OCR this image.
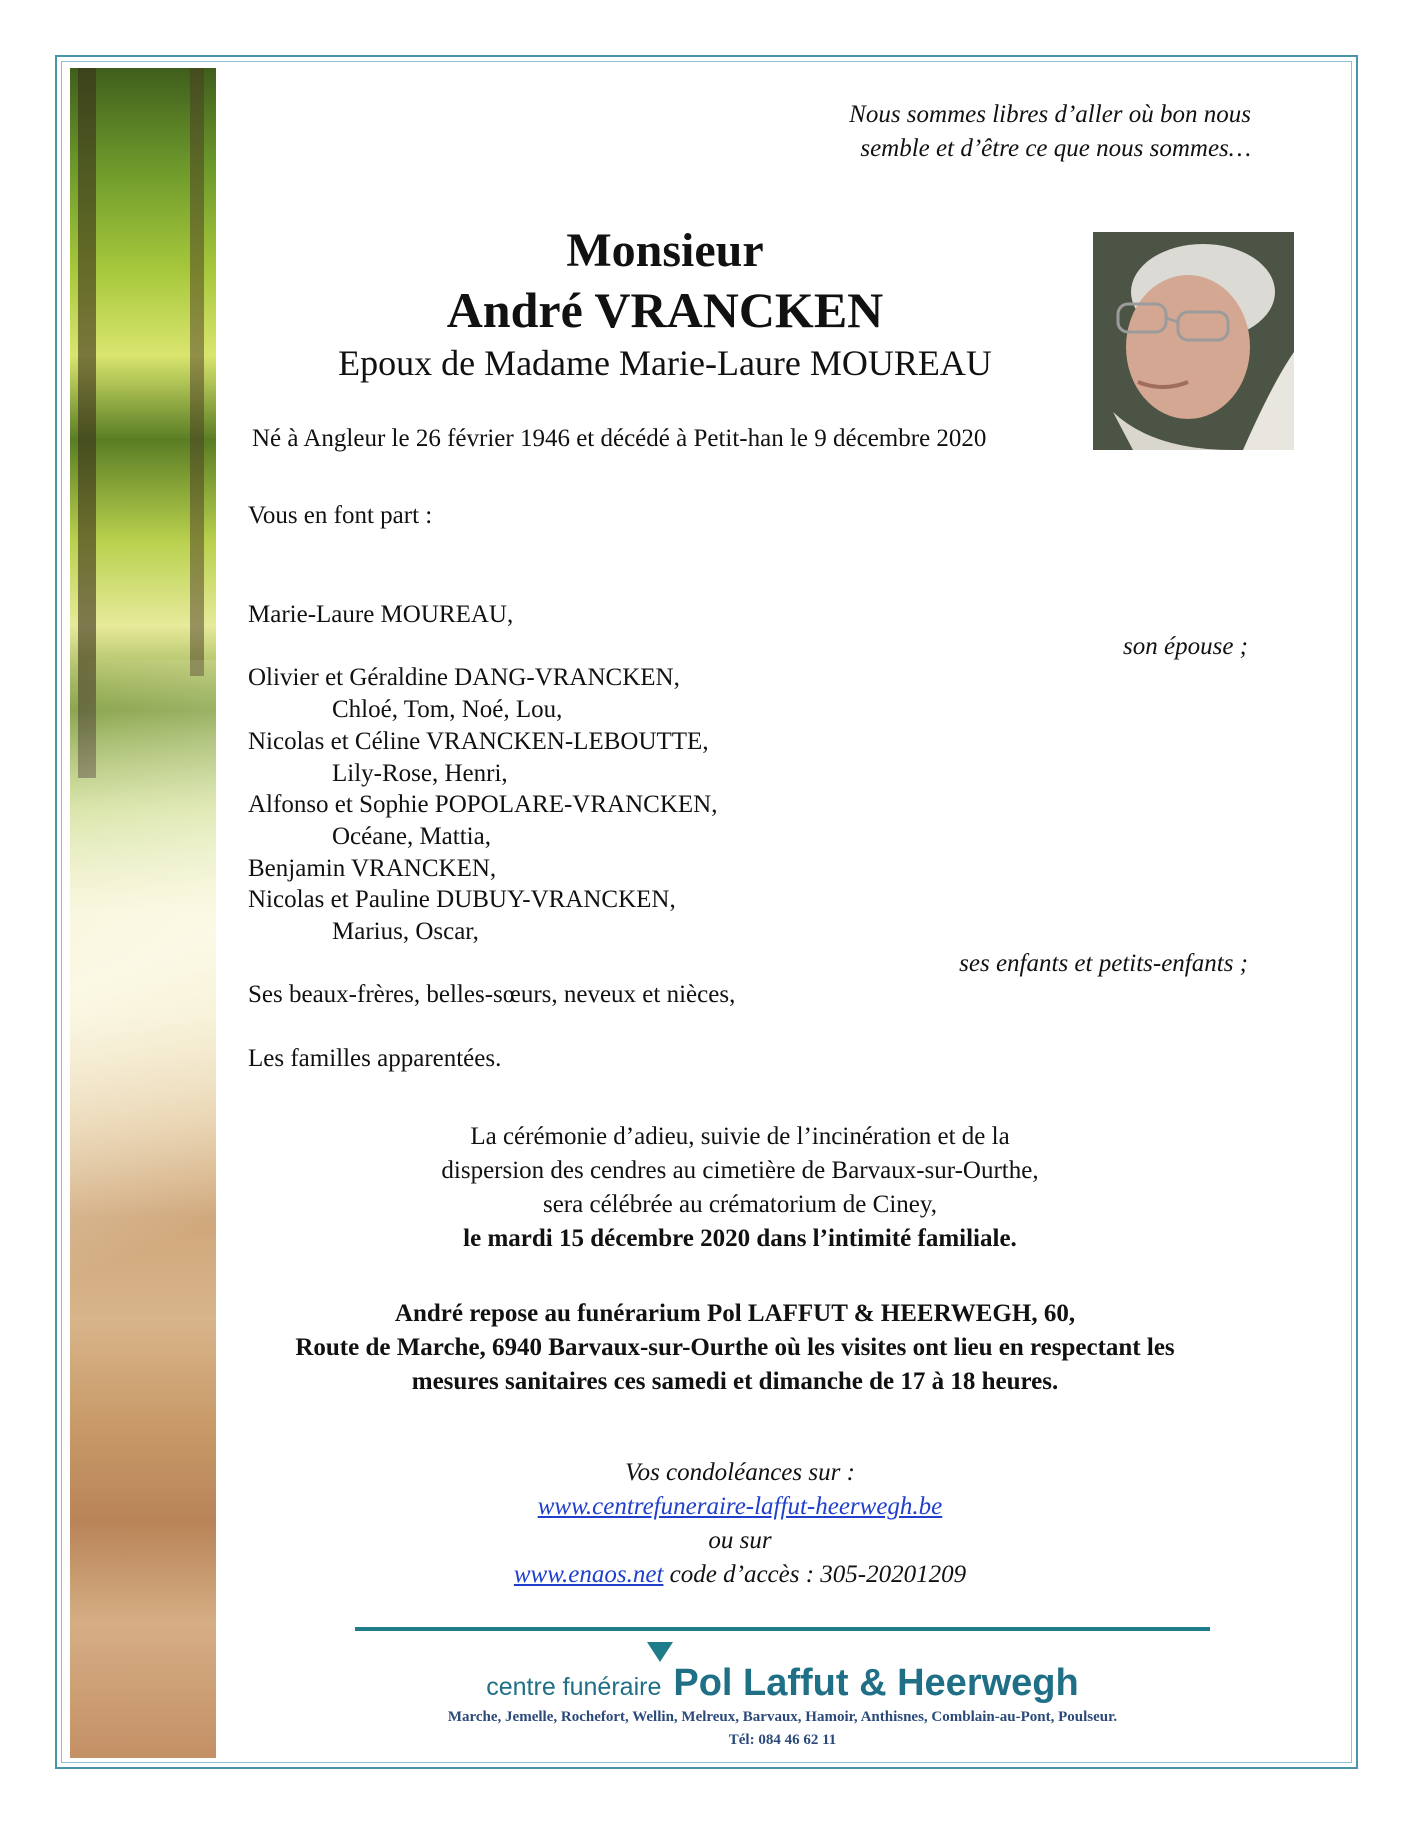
Nous sommes libres d’aller où bon nous
semble et d’être ce que nous sommes…
Monsieur
André VRANCKEN
Epoux de Madame Marie-Laure MOUREAU
Né à Angleur le 26 février 1946 et décédé à Petit-han le 9 décembre 2020
Vous en font part :
Marie-Laure MOUREAU,
son épouse ;
Olivier et Géraldine DANG-VRANCKEN,
Chloé, Tom, Noé, Lou,
Nicolas et Céline VRANCKEN-LEBOUTTE,
Lily-Rose, Henri,
Alfonso et Sophie POPOLARE-VRANCKEN,
Océane, Mattia,
Benjamin VRANCKEN,
Nicolas et Pauline DUBUY-VRANCKEN,
Marius, Oscar,
ses enfants et petits-enfants ;
Ses beaux-frères, belles-sœurs, neveux et nièces,
Les familles apparentées.
La cérémonie d’adieu, suivie de l’incinération et de la
dispersion des cendres au cimetière de Barvaux-sur-Ourthe,
sera célébrée au crématorium de Ciney,
le mardi 15 décembre 2020 dans l’intimité familiale.
André repose au funérarium Pol LAFFUT & HEERWEGH, 60,
Route de Marche, 6940 Barvaux-sur-Ourthe où les visites ont lieu en respectant les
mesures sanitaires ces samedi et dimanche de 17 à 18 heures.
Vos condoléances sur :
www.centrefuneraire-laffut-heerwegh.be
ou sur
www.enaos.net code d’accès : 305-20201209
centre funéraire Pol Laffut & Heerwegh
Marche, Jemelle, Rochefort, Wellin, Melreux, Barvaux, Hamoir, Anthisnes, Comblain-au-Pont, Poulseur.
Tél: 084 46 62 11
